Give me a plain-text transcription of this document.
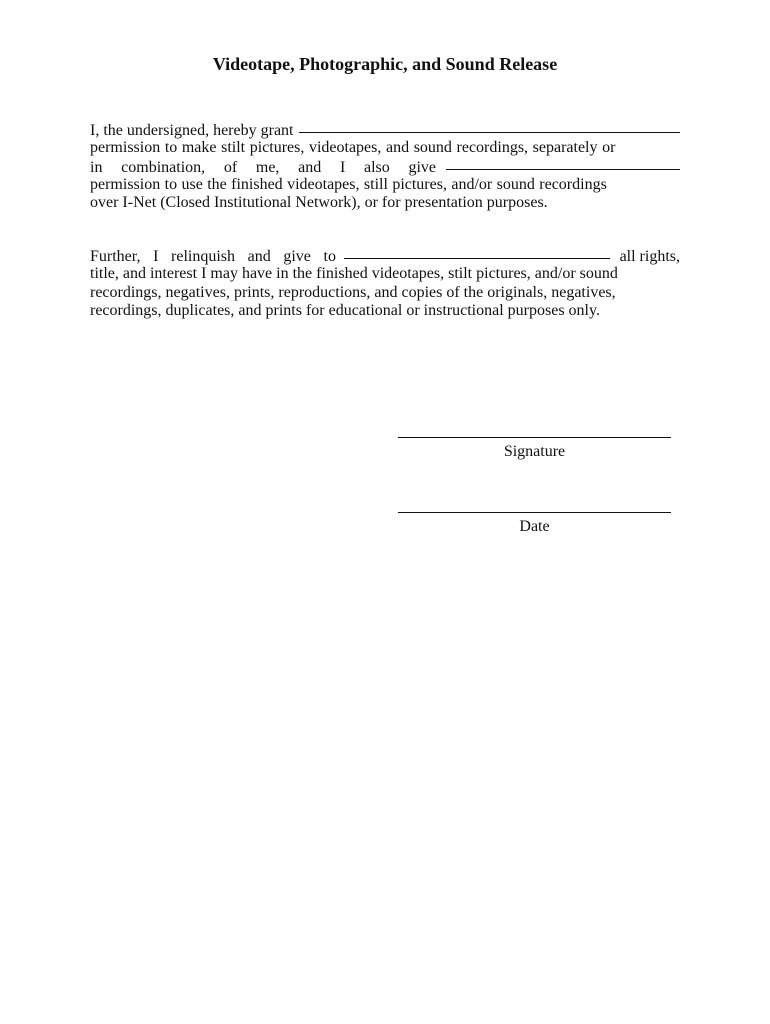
Videotape, Photographic, and Sound Release
I, the undersigned, hereby grant
permission to make stilt pictures, videotapes, and sound recordings, separately or
in combination, of me, and I also give
permission to use the finished videotapes, still pictures, and/or sound recordings
over I-Net (Closed Institutional Network), or for presentation purposes.
Further, I relinquish and give to	all rights,
title, and interest I may have in the finished videotapes, stilt pictures, and/or sound
recordings, negatives, prints, reproductions, and copies of the originals, negatives,
recordings, duplicates, and prints for educational or instructional purposes only.
Signature
Date
